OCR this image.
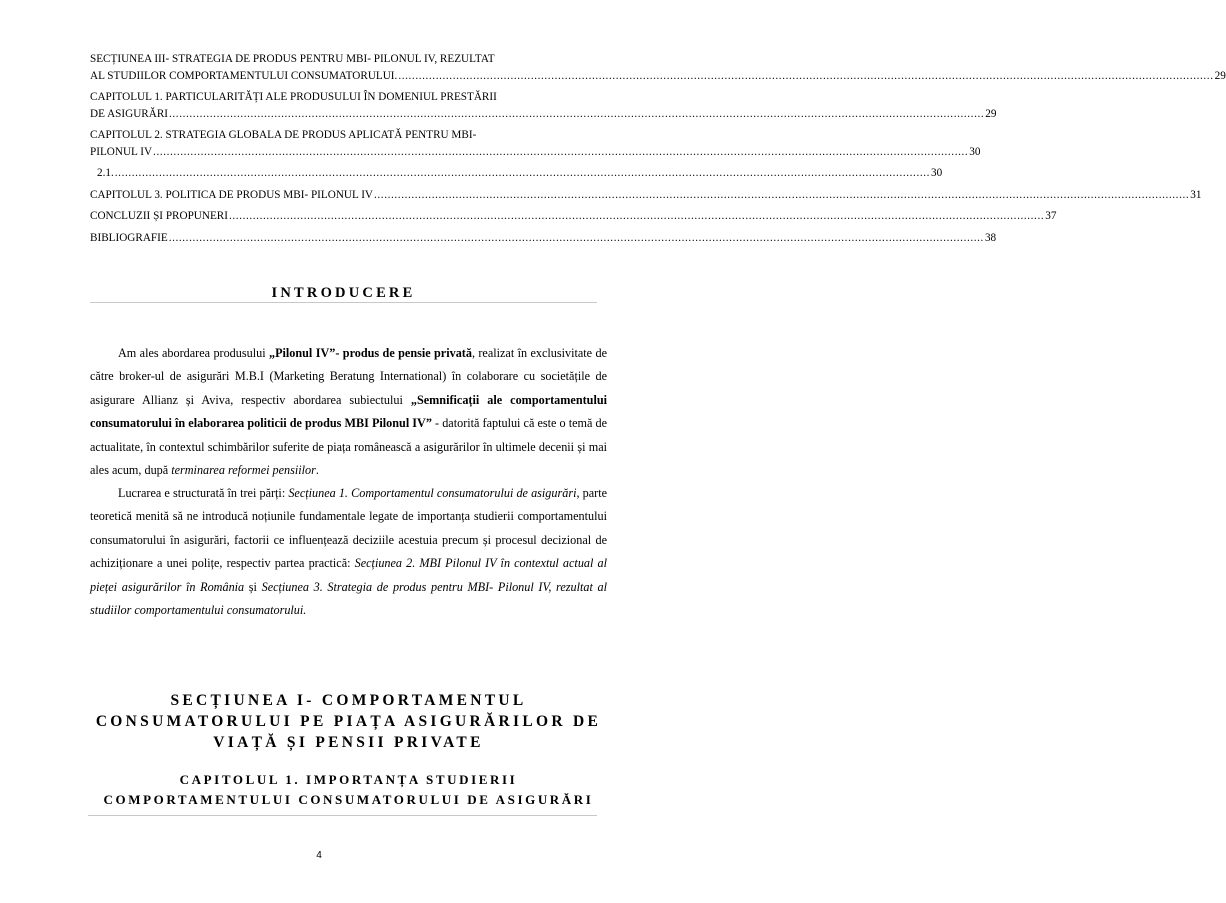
SECȚIUNEA III- STRATEGIA DE PRODUS PENTRU MBI- PILONUL IV, REZULTAT
AL STUDIILOR COMPORTAMENTULUI CONSUMATORULUI. .....	29
CAPITOLUL 1. PARTICULARITĂȚI ALE PRODUSULUI ÎN DOMENIUL PRESTĂRII
DE ASIGURĂRI .....	29
CAPITOLUL 2. STRATEGIA GLOBALA DE PRODUS APLICATĂ PENTRU MBI-
PILONUL IV .....	30
2.1. .....	30
CAPITOLUL 3. POLITICA DE PRODUS MBI- PILONUL IV .....	31
CONCLUZII ȘI PROPUNERI .....	37
BIBLIOGRAFIE .....	38
INTRODUCERE
Am ales abordarea produsului „Pilonul IV”- produs de pensie privată, realizat în exclusivitate de către broker-ul de asigurări M.B.I (Marketing Beratung International) în colaborare cu societățile de asigurare Allianz și Aviva, respectiv abordarea subiectului „Semnificații ale comportamentului consumatorului în elaborarea politicii de produs MBI Pilonul IV” - datorită faptului că este o temă de actualitate, în contextul schimbărilor suferite de piața românească a asigurărilor în ultimele decenii și mai ales acum, după terminarea reformei pensiilor.
Lucrarea e structurată în trei părți: Secțiunea 1. Comportamentul consumatorului de asigurări, parte teoretică menită să ne introducă noțiunile fundamentale legate de importanța studierii comportamentului consumatorului în asigurări, factorii ce influențează deciziile acestuia precum și procesul decizional de achiziționare a unei polițe, respectiv partea practică: Secțiunea 2. MBI Pilonul IV în contextul actual al pieței asigurărilor în România și Secțiunea 3. Strategia de produs pentru MBI- Pilonul IV, rezultat al studiilor comportamentului consumatorului.
SECȚIUNEA I- COMPORTAMENTUL
CONSUMATORULUI PE PIAȚA ASIGURĂRILOR DE
VIAȚĂ ȘI PENSII PRIVATE
CAPITOLUL 1. IMPORTANȚA STUDIERII
COMPORTAMENTULUI CONSUMATORULUI DE ASIGURĂRI
4
